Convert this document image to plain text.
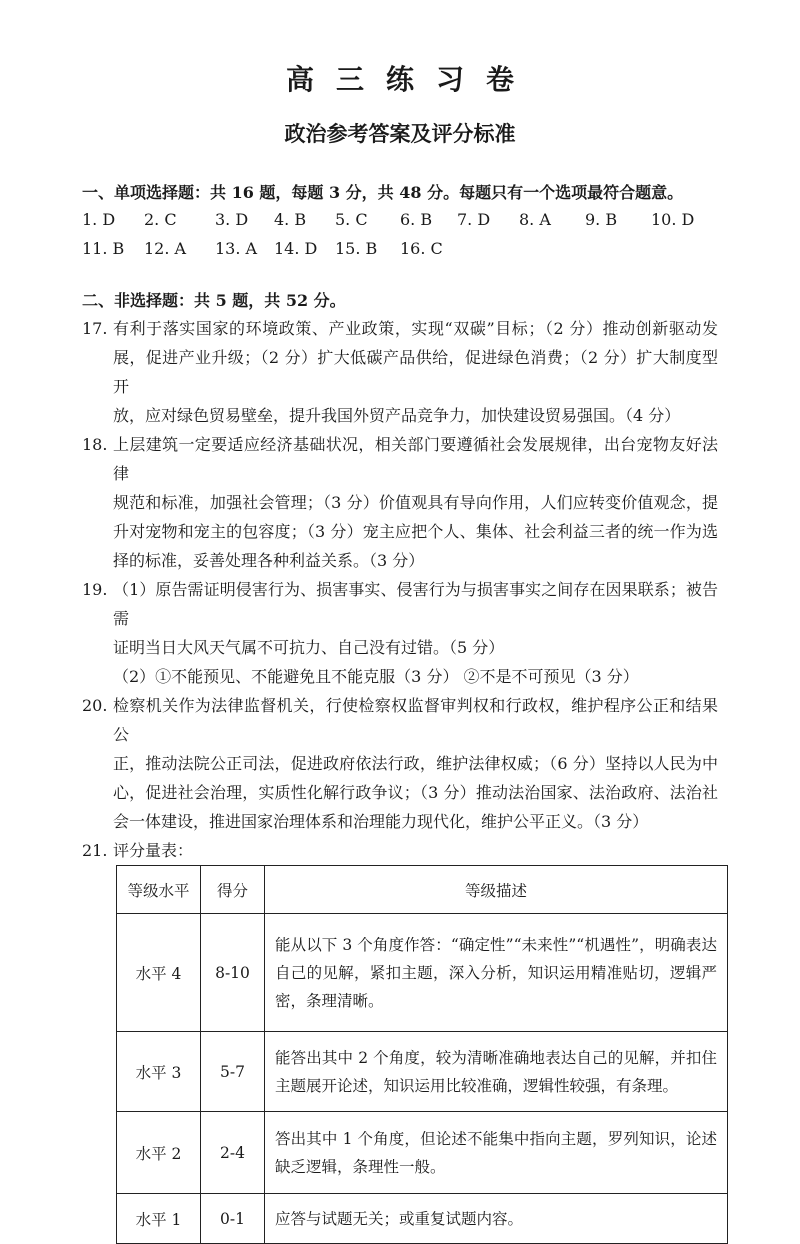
高三练习卷
政治参考答案及评分标准
一、单项选择题：共 16 题，每题 3 分，共 48 分。每题只有一个选项最符合题意。
1. D 2. C 3. D 4. B 5. C 6. B 7. D 8. A 9. B 10. D
11. B 12. A 13. A 14. D 15. B 16. C
二、非选择题：共 5 题，共 52 分。
17. 有利于落实国家的环境政策、产业政策，实现“双碳”目标；（2 分）推动创新驱动发
展，促进产业升级；（2 分）扩大低碳产品供给，促进绿色消费；（2 分）扩大制度型开
放，应对绿色贸易壁垒，提升我国外贸产品竞争力，加快建设贸易强国。（4 分）
18. 上层建筑一定要适应经济基础状况，相关部门要遵循社会发展规律，出台宠物友好法律
规范和标准，加强社会管理；（3 分）价值观具有导向作用，人们应转变价值观念，提
升对宠物和宠主的包容度；（3 分）宠主应把个人、集体、社会利益三者的统一作为选
择的标准，妥善处理各种利益关系。（3 分）
19. （1）原告需证明侵害行为、损害事实、侵害行为与损害事实之间存在因果联系；被告需
证明当日大风天气属不可抗力、自己没有过错。（5 分）
（2）①不能预见、不能避免且不能克服（3 分） ②不是不可预见（3 分）
20. 检察机关作为法律监督机关，行使检察权监督审判权和行政权，维护程序公正和结果公
正，推动法院公正司法，促进政府依法行政，维护法律权威；（6 分）坚持以人民为中
心，促进社会治理，实质性化解行政争议；（3 分）推动法治国家、法治政府、法治社
会一体建设，推进国家治理体系和治理能力现代化，维护公平正义。（3 分）
21. 评分量表：
等级水平	得分	等级描述
水平 4	8-10	能从以下 3 个角度作答：“确定性”“未来性”“机遇性”，明确表达自己的见解，紧扣主题，深入分析，知识运用精准贴切，逻辑严密，条理清晰。
水平 3	5-7	能答出其中 2 个角度，较为清晰准确地表达自己的见解，并扣住主题展开论述，知识运用比较准确，逻辑性较强，有条理。
水平 2	2-4	答出其中 1 个角度，但论述不能集中指向主题，罗列知识，论述缺乏逻辑，条理性一般。
水平 1	0-1	应答与试题无关；或重复试题内容。
